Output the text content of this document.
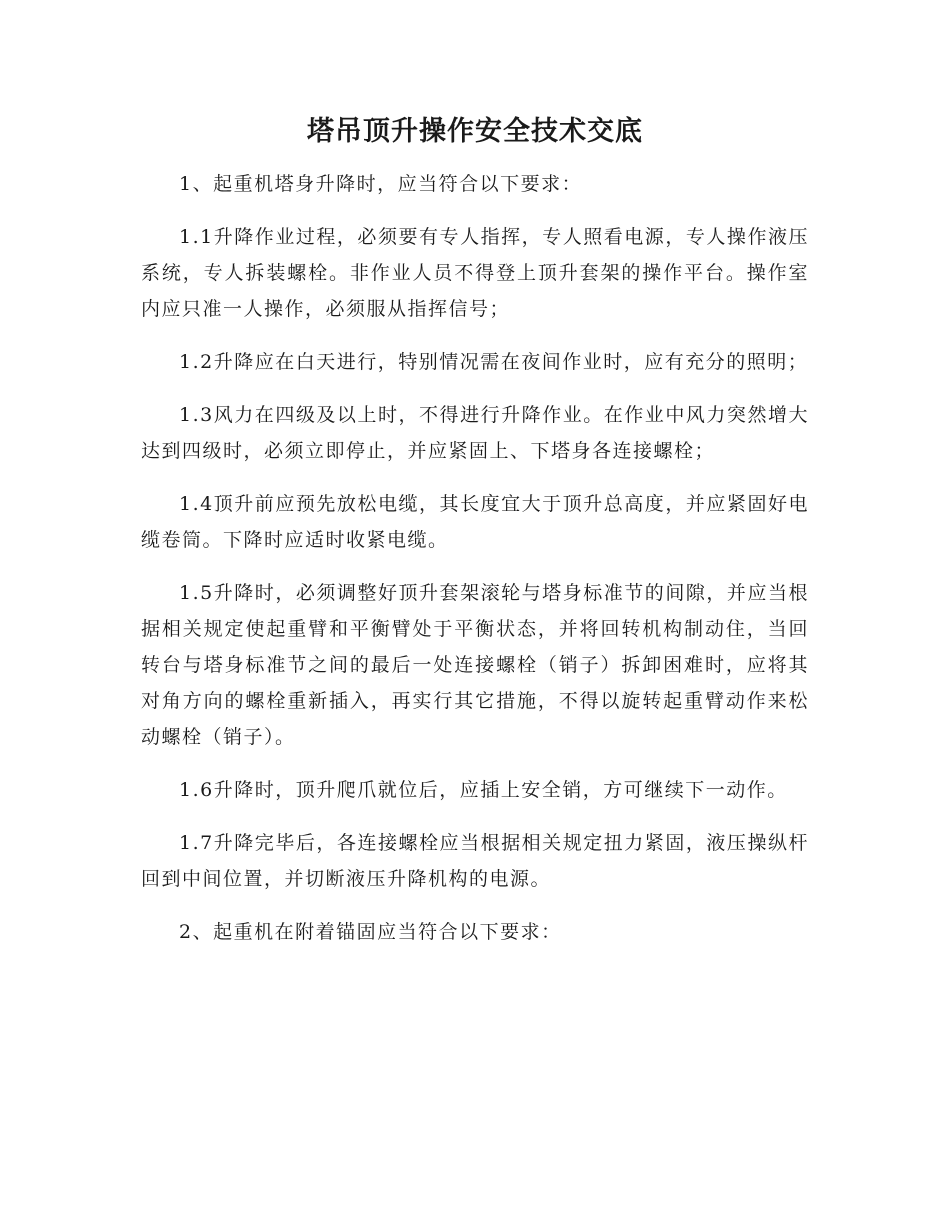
塔吊顶升操作安全技术交底

1、起重机塔身升降时，应当符合以下要求：

1.1升降作业过程，必须要有专人指挥，专人照看电源，专人操作液压系统，专人拆装螺栓。非作业人员不得登上顶升套架的操作平台。操作室内应只准一人操作，必须服从指挥信号；

1.2升降应在白天进行，特别情况需在夜间作业时，应有充分的照明；

1.3风力在四级及以上时，不得进行升降作业。在作业中风力突然增大达到四级时，必须立即停止，并应紧固上、下塔身各连接螺栓；

1.4顶升前应预先放松电缆，其长度宜大于顶升总高度，并应紧固好电缆卷筒。下降时应适时收紧电缆。

1.5升降时，必须调整好顶升套架滚轮与塔身标准节的间隙，并应当根据相关规定使起重臂和平衡臂处于平衡状态，并将回转机构制动住，当回转台与塔身标准节之间的最后一处连接螺栓（销子）拆卸困难时，应将其对角方向的螺栓重新插入，再实行其它措施，不得以旋转起重臂动作来松动螺栓（销子）。

1.6升降时，顶升爬爪就位后，应插上安全销，方可继续下一动作。

1.7升降完毕后，各连接螺栓应当根据相关规定扭力紧固，液压操纵杆回到中间位置，并切断液压升降机构的电源。

2、起重机在附着锚固应当符合以下要求：
